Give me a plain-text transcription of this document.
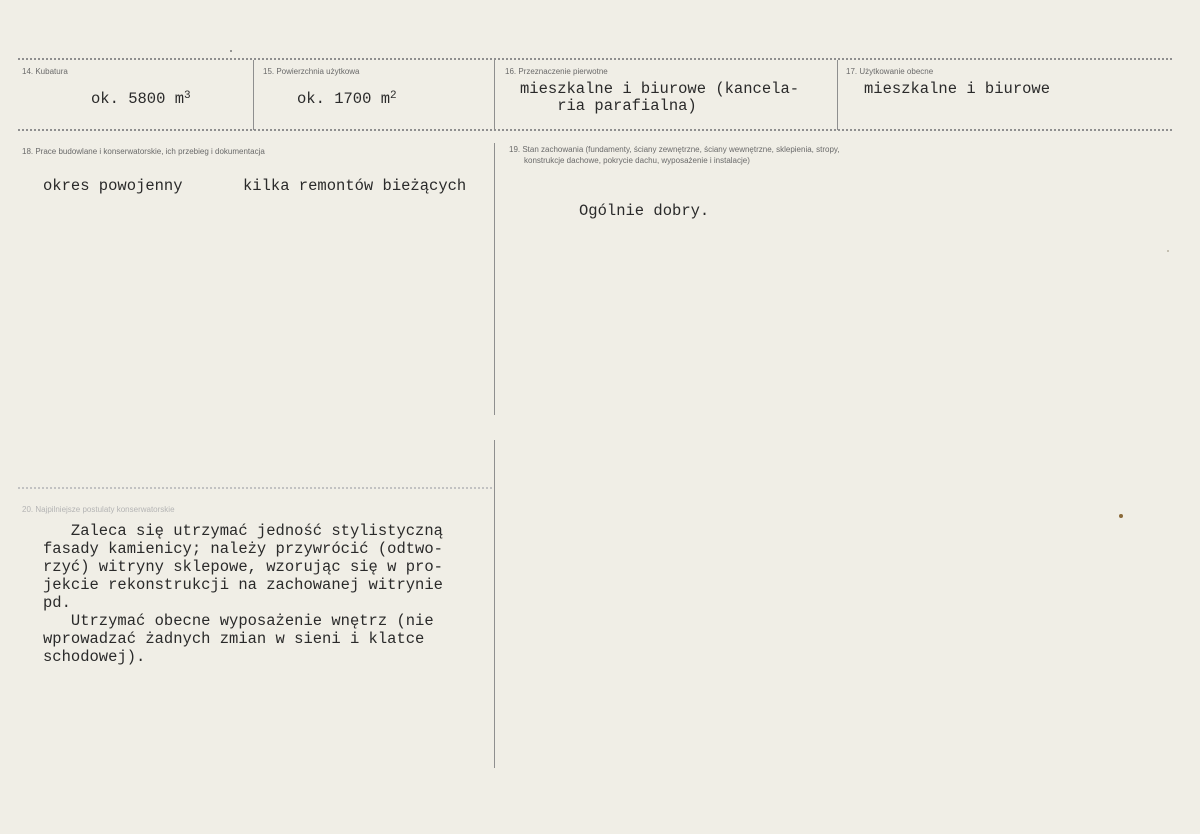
14. Kubatura
ok. 5800 $m^3$
15. Powierzchnia użytkowa
ok. 1700 $m^2$
16. Przeznaczenie pierwotne
mieszkalne i biurowe (kancela-
ria parafialna)
17. Użytkowanie obecne
mieszkalne i biurowe
18. Prace budowlane i konserwatorskie, ich przebieg i dokumentacja
okres powojenny	kilka remontów bieżących
19. Stan zachowania (fundamenty, ściany zewnętrzne, ściany wewnętrzne, sklepienia, stropy,
konstrukcje dachowe, pokrycie dachu, wyposażenie i instalacje)
Ogólnie dobry.
20. Najpilniejsze postulaty konserwatorskie
Zaleca się utrzymać jedność stylistyczną
fasady kamienicy; należy przywrócić (odtwo-
rzyć) witryny sklepowe, wzorując się w pro-
jekcie rekonstrukcji na zachowanej witrynie
pd.
Utrzymać obecne wyposażenie wnętrz (nie
wprowadzać żadnych zmian w sieni i klatce
schodowej).
